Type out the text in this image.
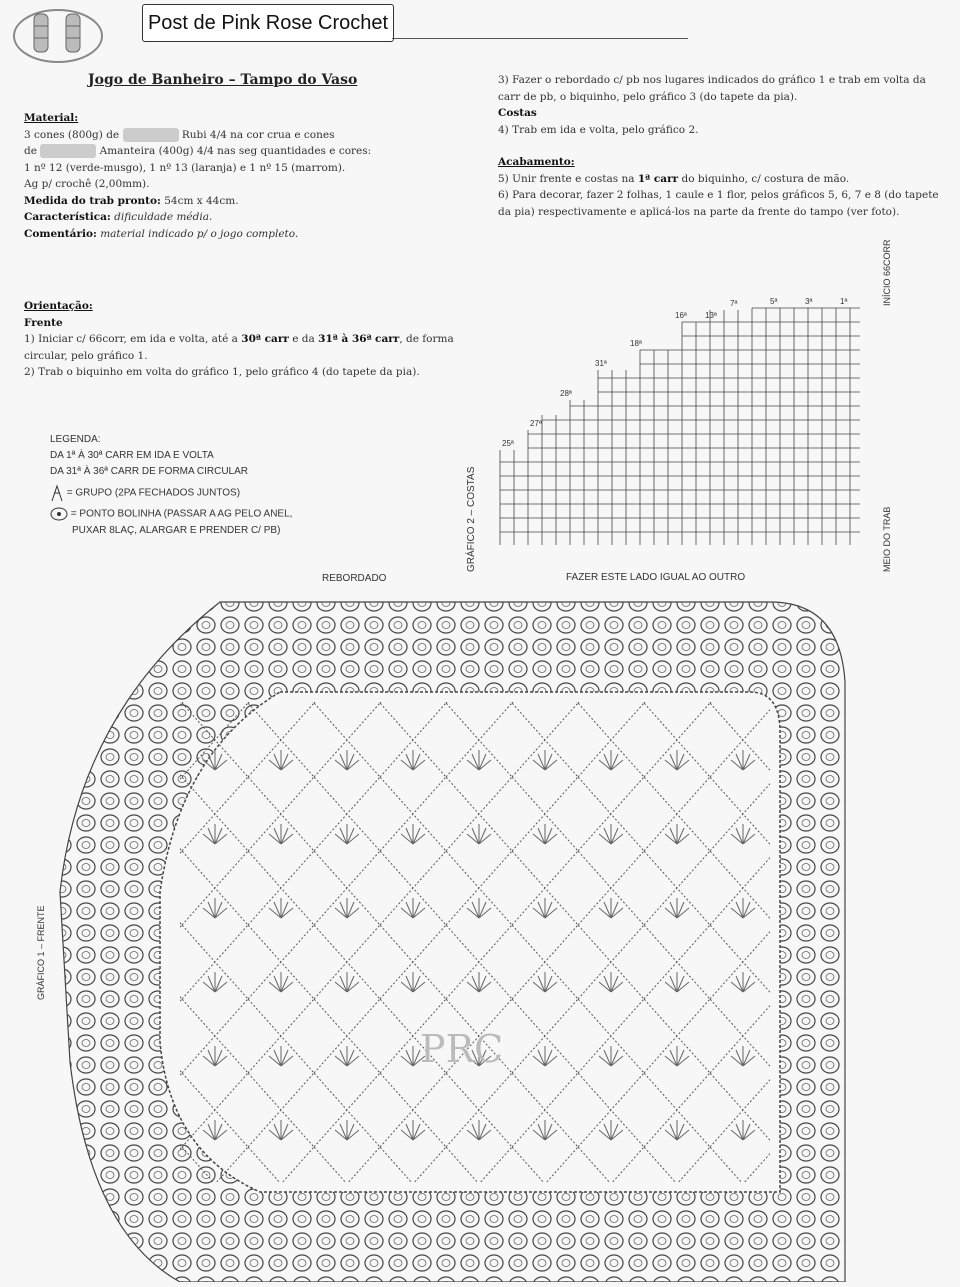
Post de Pink Rose Crochet
Jogo de Banheiro – Tampo do Vaso
Material:
3 cones (800g) de	Rubi 4/4 na cor crua e cones
de	Amanteira (400g) 4/4 nas seg quantidades e cores:
1 nº 12 (verde-musgo), 1 nº 13 (laranja) e 1 nº 15 (marrom).
Ag p/ crochê (2,00mm).
Medida do trab pronto: 54cm x 44cm.
Característica: dificuldade média.
Comentário: material indicado p/ o jogo completo.
Orientação:
Frente
1) Iniciar c/ 66corr, em ida e volta, até a 30ª carr e da 31ª à 36ª carr, de forma circular, pelo gráfico 1.
2) Trab o biquinho em volta do gráfico 1, pelo gráfico 4 (do tapete da pia).
LEGENDA:
DA 1ª À 30ª CARR EM IDA E VOLTA
DA 31ª À 36ª CARR DE FORMA CIRCULAR
= GRUPO (2PA FECHADOS JUNTOS)
= PONTO BOLINHA (PASSAR A AG PELO ANEL,
PUXAR 8LAÇ, ALARGAR E PRENDER C/ PB)
3) Fazer o rebordado c/ pb nos lugares indicados do gráfico 1 e trab em volta da carr de pb, o biquinho, pelo gráfico 3 (do tapete da pia).
Costas
4) Trab em ida e volta, pelo gráfico 2.
Acabamento:
5) Unir frente e costas na 1ª carr do biquinho, c/ costura de mão.
6) Para decorar, fazer 2 folhas, 1 caule e 1 flor, pelos gráficos 5, 6, 7 e 8 (do tapete da pia) respectivamente e aplicá-los na parte da frente do tampo (ver foto).
25ª
27ª
28ª
31ª
18ª
16ª 13ª
7ª	5ª	3ª	1ª
GRÁFICO 2 – COSTAS
INÍCIO 66CORR
MEIO DO TRAB
FAZER ESTE LADO IGUAL AO OUTRO
REBORDADO
GRÁFICO 1 – FRENTE
PRC
